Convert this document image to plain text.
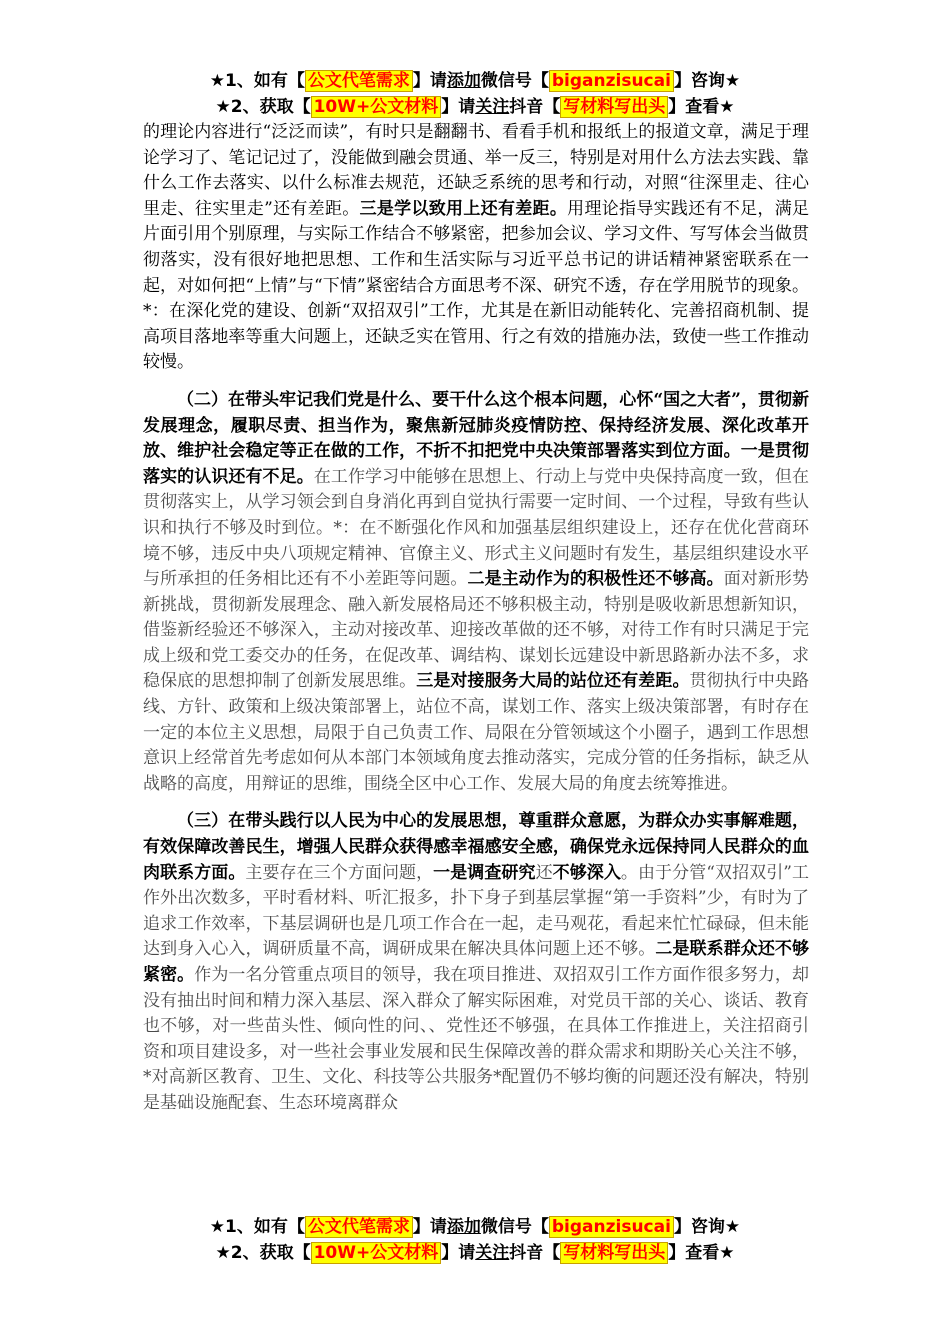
★1、如有【 公文代笔需求 】请添加微信号【 biganzisucai 】咨询★
★2、获取【 10W+公文材料 】请关注抖音【 写材料写出头 】查看★

的理论内容进行“泛泛而读”，有时只是翻翻书、看看手机和报纸上的报道文章，满足于理论学习了、笔记记过了，没能做到融会贯通、举一反三，特别是对用什么方法去实践、靠什么工作去落实、以什么标准去规范，还缺乏系统的思考和行动，对照“往深里走、往心里走、往实里走”还有差距。三是学以致用上还有差距。用理论指导实践还有不足，满足片面引用个别原理，与实际工作结合不够紧密，把参加会议、学习文件、写写体会当做贯彻落实，没有很好地把思想、工作和生活实际与习近平总书记的讲话精神紧密联系在一起，对如何把“上情”与“下情”紧密结合方面思考不深、研究不透，存在学用脱节的现象。*：在深化党的建设、创新“双招双引”工作，尤其是在新旧动能转化、完善招商机制、提高项目落地率等重大问题上，还缺乏实在管用、行之有效的措施办法，致使一些工作推动较慢。

（二）在带头牢记我们党是什么、要干什么这个根本问题，心怀“国之大者”，贯彻新发展理念，履职尽责、担当作为，聚焦新冠肺炎疫情防控、保持经济发展、深化改革开放、维护社会稳定等正在做的工作，不折不扣把党中央决策部署落实到位方面。一是贯彻落实的认识还有不足。在工作学习中能够在思想上、行动上与党中央保持高度一致，但在贯彻落实上，从学习领会到自身消化再到自觉执行需要一定时间、一个过程，导致有些认识和执行不够及时到位。*：在不断强化作风和加强基层组织建设上，还存在优化营商环境不够，违反中央八项规定精神、官僚主义、形式主义问题时有发生，基层组织建设水平与所承担的任务相比还有不小差距等问题。二是主动作为的积极性还不够高。面对新形势新挑战，贯彻新发展理念、融入新发展格局还不够积极主动，特别是吸收新思想新知识，借鉴新经验还不够深入，主动对接改革、迎接改革做的还不够，对待工作有时只满足于完成上级和党工委交办的任务，在促改革、调结构、谋划长远建设中新思路新办法不多，求稳保底的思想抑制了创新发展思维。三是对接服务大局的站位还有差距。贯彻执行中央路线、方针、政策和上级决策部署上，站位不高，谋划工作、落实上级决策部署，有时存在一定的本位主义思想，局限于自己负责工作、局限在分管领域这个小圈子，遇到工作思想意识上经常首先考虑如何从本部门本领域角度去推动落实，完成分管的任务指标，缺乏从战略的高度，用辩证的思维，围绕全区中心工作、发展大局的角度去统筹推进。

（三）在带头践行以人民为中心的发展思想，尊重群众意愿，为群众办实事解难题，有效保障改善民生，增强人民群众获得感幸福感安全感，确保党永远保持同人民群众的血肉联系方面。主要存在三个方面问题，一是调查研究还不够深入。由于分管“双招双引”工作外出次数多，平时看材料、听汇报多，扑下身子到基层掌握“第一手资料”少，有时为了追求工作效率，下基层调研也是几项工作合在一起，走马观花，看起来忙忙碌碌，但未能达到身入心入，调研质量不高，调研成果在解决具体问题上还不够。二是联系群众还不够紧密。作为一名分管重点项目的领导，我在项目推进、双招双引工作方面作很多努力，却没有抽出时间和精力深入基层、深入群众了解实际困难，对党员干部的关心、谈话、教育也不够，对一些苗头性、倾向性的问、、党性还不够强，在具体工作推进上，关注招商引资和项目建设多，对一些社会事业发展和民生保障改善的群众需求和期盼关心关注不够，*对高新区教育、卫生、文化、科技等公共服务*配置仍不够均衡的问题还没有解决，特别是基础设施配套、生态环境离群众

★1、如有【 公文代笔需求 】请添加微信号【 biganzisucai 】咨询★
★2、获取【 10W+公文材料 】请关注抖音【 写材料写出头 】查看★
